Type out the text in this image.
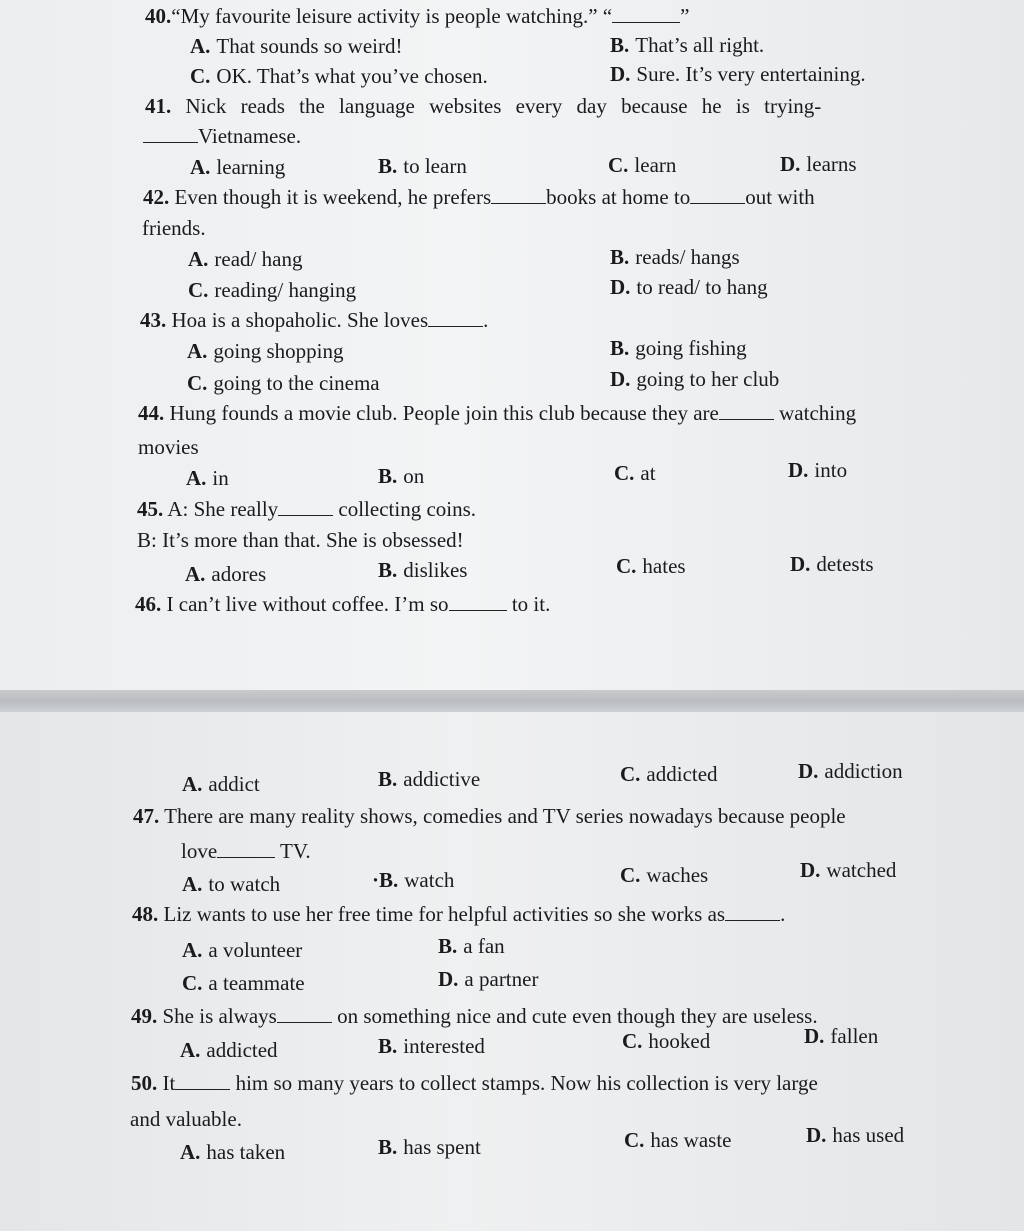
40.“My favourite leisure activity is people watching.” “	”
A. That sounds so weird!	B. That’s all right.
C. OK. That’s what you’ve chosen.	D. Sure. It’s very entertaining.
41. Nick reads the language websites every day because he is trying-
Vietnamese.
A. learning	B. to learn	C. learn	D. learns
42. Even though it is weekend, he prefers	books at home to	out with
friends.
A. read/ hang	B. reads/ hangs
C. reading/ hanging	D. to read/ to hang
43. Hoa is a shopaholic. She loves	.
A. going shopping	B. going fishing
C. going to the cinema	D. going to her club
44. Hung founds a movie club. People join this club because they are	watching
movies
A. in	B. on	C. at	D. into
45. A: She really	collecting coins.
B: It’s more than that. She is obsessed!
A. adores	B. dislikes	C. hates	D. detests
46. I can’t live without coffee. I’m so	to it.
A. addict	B. addictive	C. addicted	D. addiction
47. There are many reality shows, comedies and TV series nowadays because people
love	TV.
A. to watch	·B. watch	C. waches	D. watched
48. Liz wants to use her free time for helpful activities so she works as	.
A. a volunteer	B. a fan
C. a teammate	D. a partner
49. She is always	on something nice and cute even though they are useless.
A. addicted	B. interested	C. hooked	D. fallen
50. It	him so many years to collect stamps. Now his collection is very large
and valuable.
A. has taken	B. has spent	C. has waste	D. has used
